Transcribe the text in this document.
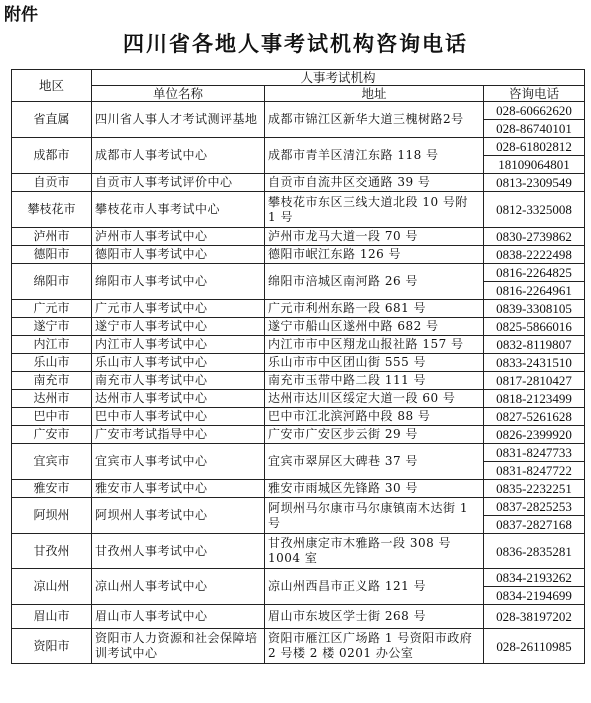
附件
四川省各地人事考试机构咨询电话
地区	人事考试机构		
	单位名称	地址	咨询电话
省直属	四川省人事人才考试测评基地	成都市锦江区新华大道三槐树路2号	028-60662620
028-86740101

成都市	成都市人事考试中心	成都市青羊区清江东路 118 号	028-61802812
18109064801

自贡市	自贡市人事考试评价中心	自贡市自流井区交通路 39 号	0813-2309549

攀枝花市	攀枝花市人事考试中心	攀枝花市东区三线大道北段 10 号附 1 号	0812-3325008

泸州市	泸州市人事考试中心	泸州市龙马大道一段 70 号	0830-2739862

德阳市	德阳市人事考试中心	德阳市岷江东路 126 号	0838-2222498

绵阳市	绵阳市人事考试中心	绵阳市涪城区南河路 26 号	0816-2264825
0816-2264961

广元市	广元市人事考试中心	广元市利州东路一段 681 号	0839-3308105

遂宁市	遂宁市人事考试中心	遂宁市船山区遂州中路 682 号	0825-5866016

内江市	内江市人事考试中心	内江市市中区翔龙山报社路 157 号	0832-8119807

乐山市	乐山市人事考试中心	乐山市市中区团山街 555 号	0833-2431510

南充市	南充市人事考试中心	南充市玉带中路二段 111 号	0817-2810427

达州市	达州市人事考试中心	达州市达川区绥定大道一段 60 号	0818-2123499

巴中市	巴中市人事考试中心	巴中市江北滨河路中段 88 号	0827-5261628

广安市	广安市考试指导中心	广安市广安区步云街 29 号	0826-2399920

宜宾市	宜宾市人事考试中心	宜宾市翠屏区大碑巷 37 号	0831-8247733
0831-8247722

雅安市	雅安市人事考试中心	雅安市雨城区先锋路 30 号	0835-2232251

阿坝州	阿坝州人事考试中心	阿坝州马尔康市马尔康镇南木达街 1 号	0837-2825253
0837-2827168

甘孜州	甘孜州人事考试中心	甘孜州康定市木雅路一段 308 号1004 室	0836-2835281

凉山州	凉山州人事考试中心	凉山州西昌市正义路 121 号	0834-2193262
0834-2194699

眉山市	眉山市人事考试中心	眉山市东坡区学士街 268 号	028-38197202

资阳市	资阳市人力资源和社会保障培训考试中心	资阳市雁江区广场路 1 号资阳市政府 2 号楼 2 楼 0201 办公室	028-26110985
